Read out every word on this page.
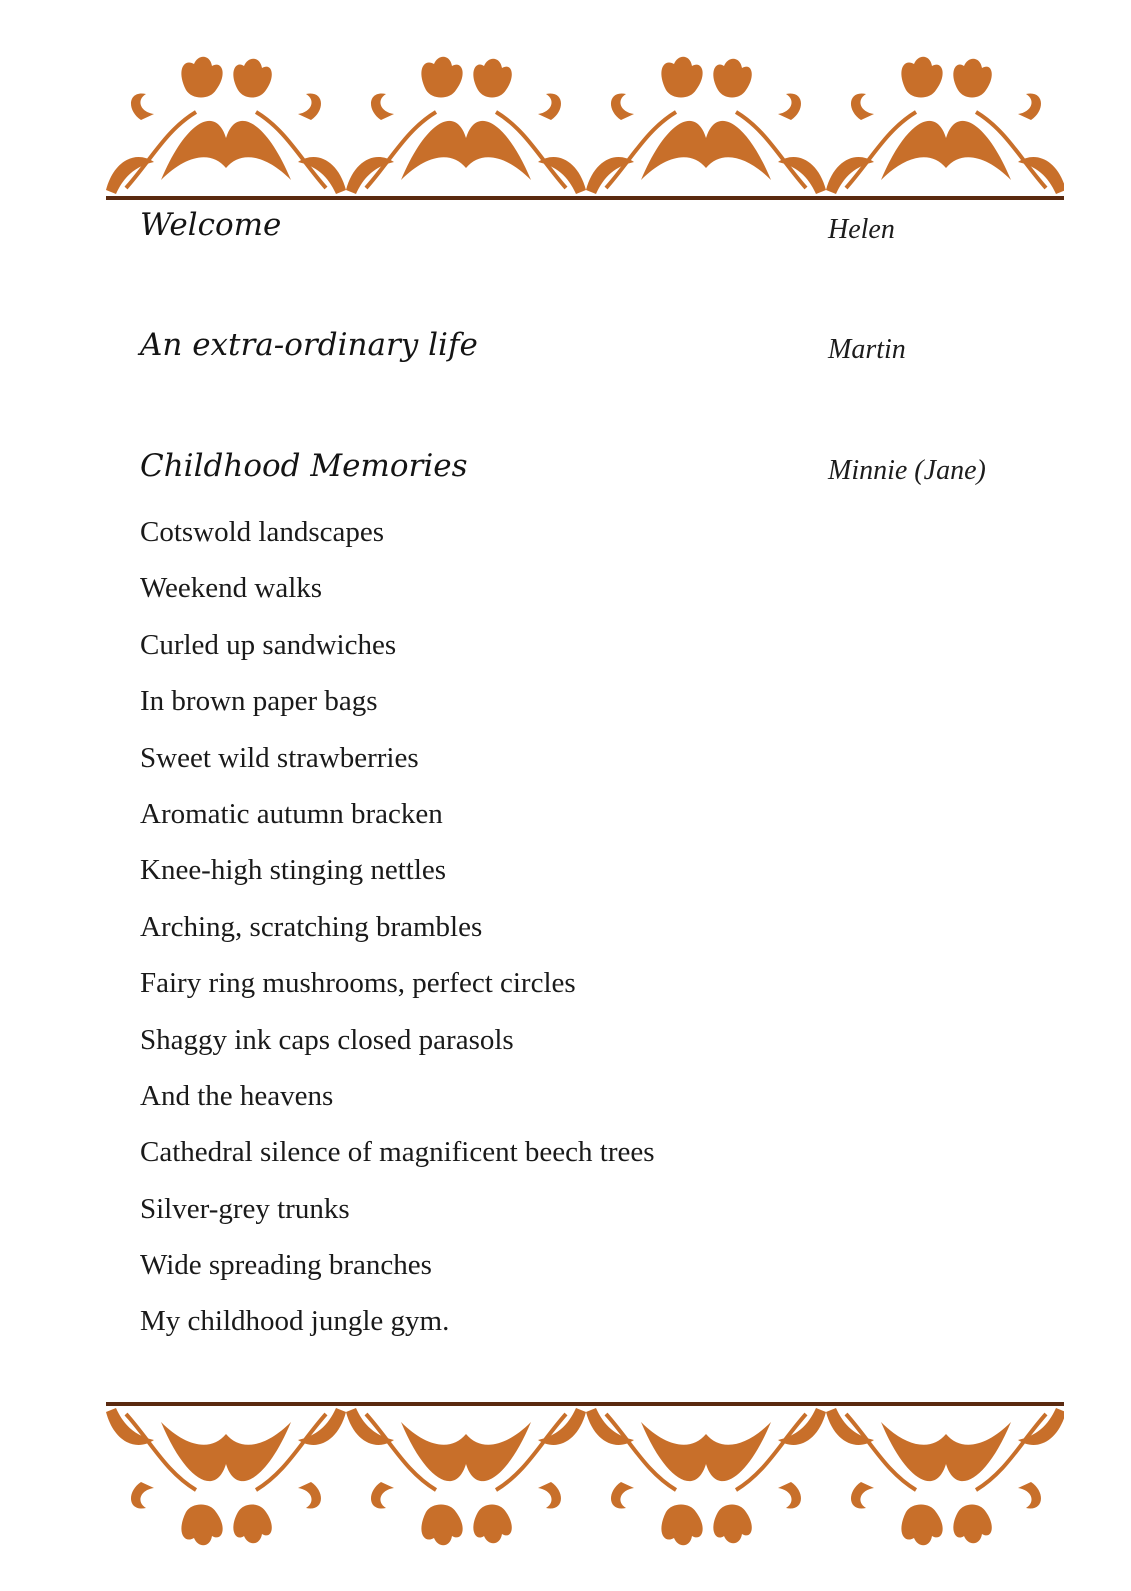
Welcome	Helen
An extra-ordinary life	Martin
Childhood Memories	Minnie (Jane)
Cotswold landscapes
Weekend walks
Curled up sandwiches
In brown paper bags
Sweet wild strawberries
Aromatic autumn bracken
Knee-high stinging nettles
Arching, scratching brambles
Fairy ring mushrooms, perfect circles
Shaggy ink caps closed parasols
And the heavens
Cathedral silence of magnificent beech trees
Silver-grey trunks
Wide spreading branches
My childhood jungle gym.
